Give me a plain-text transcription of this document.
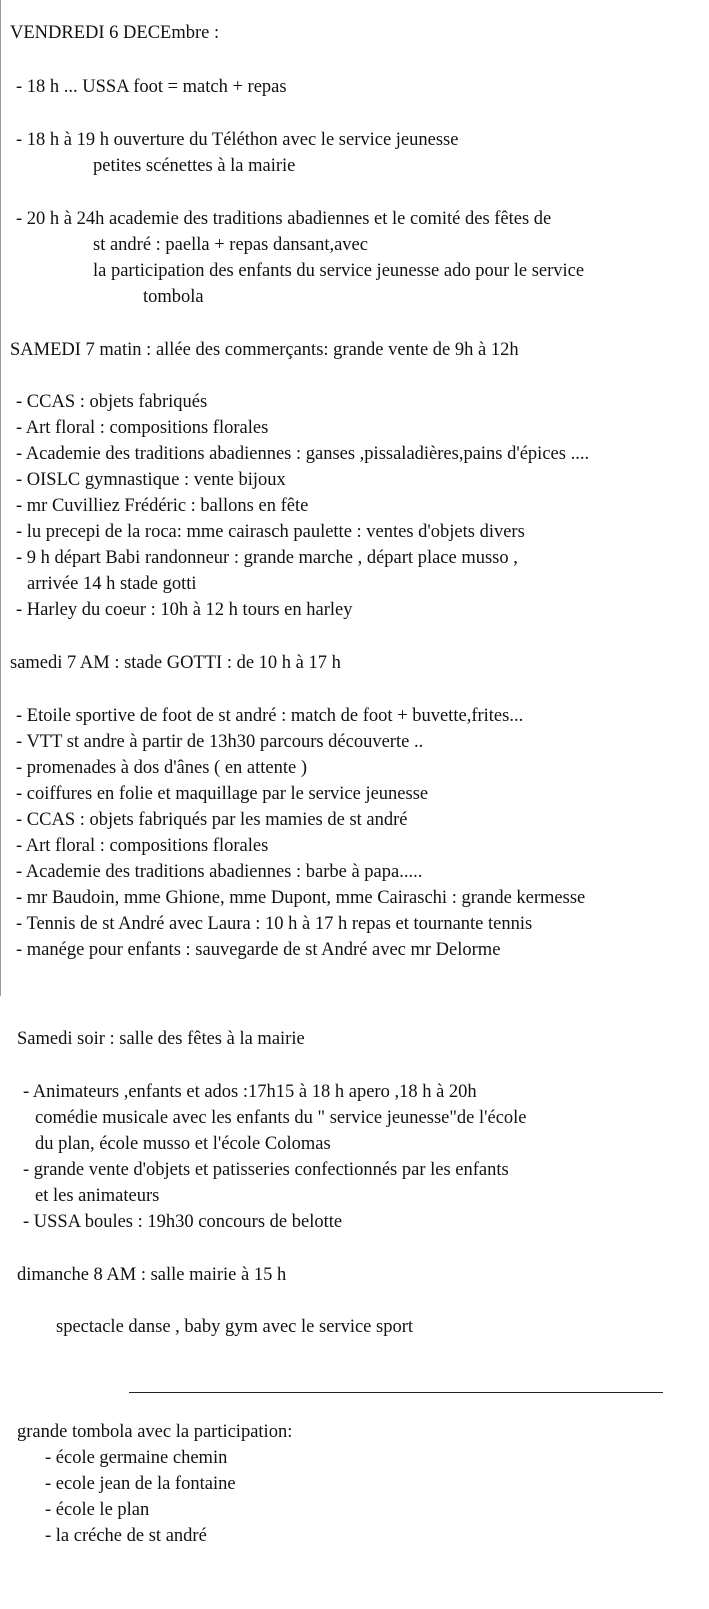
VENDREDI 6 DECEmbre :

- 18 h ... USSA foot = match + repas

- 18 h à 19 h ouverture du Téléthon avec le service jeunesse

petites scénettes à la mairie

- 20 h à 24h academie des traditions abadiennes et le comité des fêtes de

st andré : paella + repas dansant,avec

la participation des enfants du service jeunesse ado pour le service

tombola

SAMEDI 7 matin : allée des commerçants: grande vente de 9h à 12h

- CCAS : objets fabriqués

- Art floral : compositions florales

- Academie des traditions abadiennes : ganses ,pissaladières,pains d'épices ....

- OISLC gymnastique : vente bijoux

- mr Cuvilliez Frédéric : ballons en fête

- lu precepi de la roca: mme cairasch paulette : ventes d'objets divers

- 9 h départ Babi randonneur : grande marche , départ place musso ,

arrivée 14 h stade gotti

- Harley du coeur : 10h à 12 h tours en harley

samedi 7 AM : stade GOTTI : de 10 h à 17 h

- Etoile sportive de foot de st andré : match de foot + buvette,frites...

- VTT st andre à partir de 13h30 parcours découverte ..

- promenades à dos d'ânes ( en attente )

- coiffures en folie et maquillage par le service jeunesse

- CCAS : objets fabriqués par les mamies de st andré

- Art floral : compositions florales

- Academie des traditions abadiennes : barbe à papa.....

- mr Baudoin, mme Ghione, mme Dupont, mme Cairaschi : grande kermesse

- Tennis de st André avec Laura : 10 h à 17 h repas et tournante tennis

- manége pour enfants : sauvegarde de st André avec mr Delorme

Samedi soir : salle des fêtes à la mairie

- Animateurs ,enfants et ados :17h15 à 18 h apero ,18 h à 20h

comédie musicale avec les enfants du " service jeunesse"de l'école

du plan, école musso et l'école Colomas

- grande vente d'objets et patisseries confectionnés par les enfants

et les animateurs

- USSA boules : 19h30 concours de belotte

dimanche 8 AM : salle mairie à 15 h

spectacle danse , baby gym avec le service sport

grande tombola avec la participation:

- école germaine chemin

- ecole jean de la fontaine

- école le plan

- la créche de st andré
